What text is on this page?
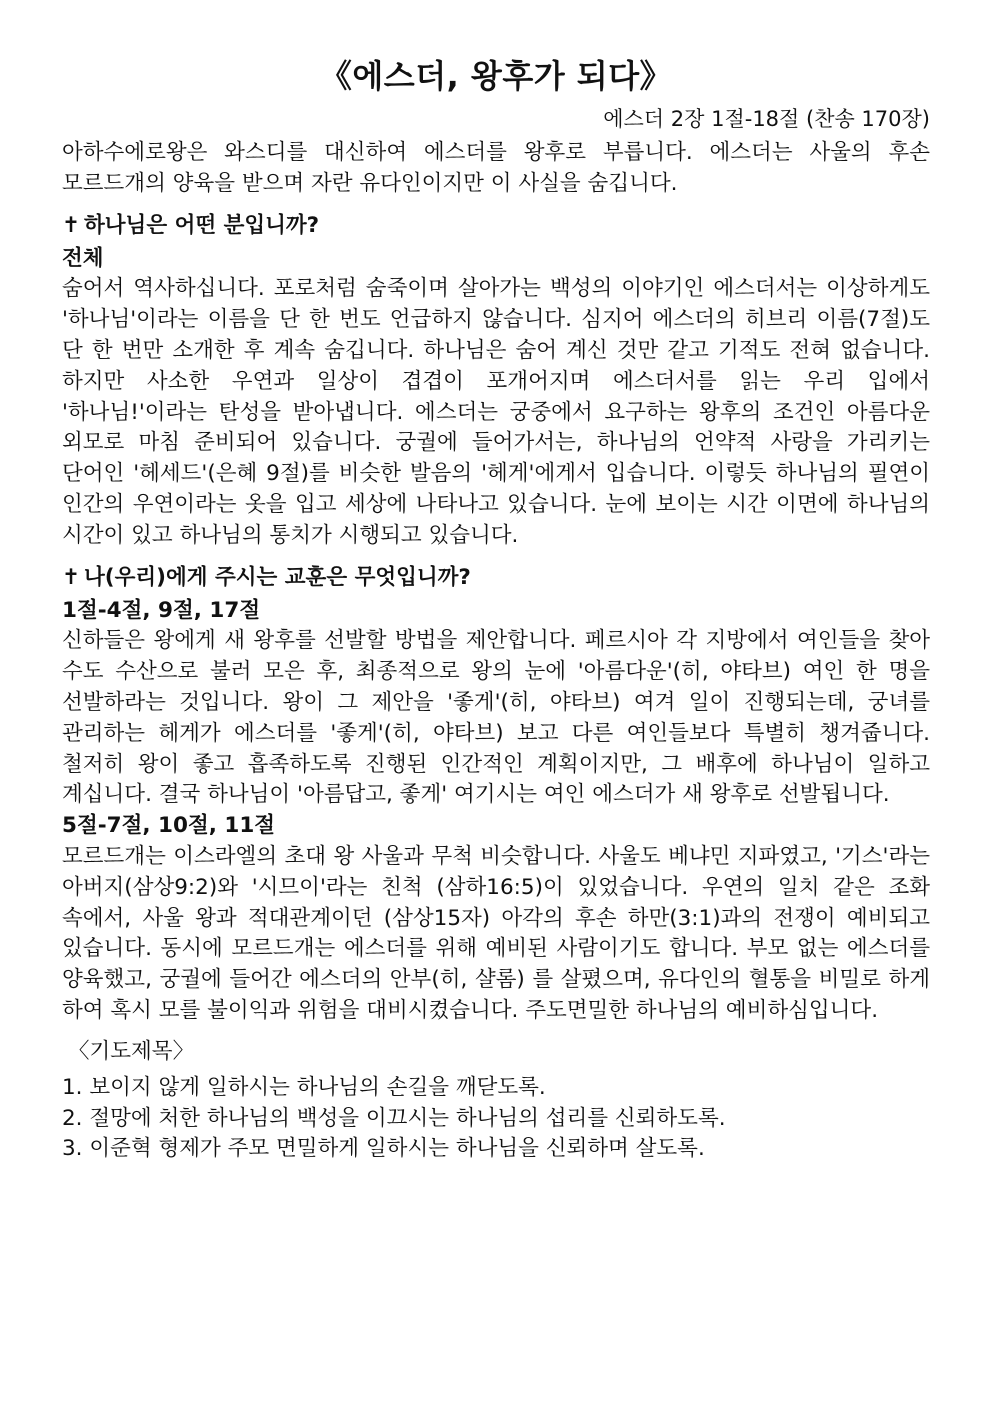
《에스더, 왕후가 되다》
에스더 2장 1절-18절 (찬송 170장)

아하수에로왕은 와스디를 대신하여 에스더를 왕후로 부릅니다. 에스더는 사울의 후손 모르드개의 양육을 받으며 자란 유다인이지만 이 사실을 숨깁니다.

✝ 하나님은 어떤 분입니까?
전체

숨어서 역사하십니다. 포로처럼 숨죽이며 살아가는 백성의 이야기인 에스더서는 이상하게도 '하나님'이라는 이름을 단 한 번도 언급하지 않습니다. 심지어 에스더의 히브리 이름(7절)도 단 한 번만 소개한 후 계속 숨깁니다. 하나님은 숨어 계신 것만 같고 기적도 전혀 없습니다. 하지만 사소한 우연과 일상이 겹겹이 포개어지며 에스더서를 읽는 우리 입에서 '하나님!'이라는 탄성을 받아냅니다. 에스더는 궁중에서 요구하는 왕후의 조건인 아름다운 외모로 마침 준비되어 있습니다. 궁궐에 들어가서는, 하나님의 언약적 사랑을 가리키는 단어인 '헤세드'(은혜 9절)를 비슷한 발음의 '헤게'에게서 입습니다. 이렇듯 하나님의 필연이 인간의 우연이라는 옷을 입고 세상에 나타나고 있습니다. 눈에 보이는 시간 이면에 하나님의 시간이 있고 하나님의 통치가 시행되고 있습니다.

✝ 나(우리)에게 주시는 교훈은 무엇입니까?
1절-4절, 9절, 17절

신하들은 왕에게 새 왕후를 선발할 방법을 제안합니다. 페르시아 각 지방에서 여인들을 찾아 수도 수산으로 불러 모은 후, 최종적으로 왕의 눈에 '아름다운'(히, 야타브) 여인 한 명을 선발하라는 것입니다. 왕이 그 제안을 '좋게'(히, 야타브) 여겨 일이 진행되는데, 궁녀를 관리하는 헤게가 에스더를 '좋게'(히, 야타브) 보고 다른 여인들보다 특별히 챙겨줍니다. 철저히 왕이 좋고 흡족하도록 진행된 인간적인 계획이지만, 그 배후에 하나님이 일하고 계십니다. 결국 하나님이 '아름답고, 좋게' 여기시는 여인 에스더가 새 왕후로 선발됩니다.

5절-7절, 10절, 11절

모르드개는 이스라엘의 초대 왕 사울과 무척 비슷합니다. 사울도 베냐민 지파였고, '기스'라는 아버지(삼상9:2)와 '시므이'라는 친척 (삼하16:5)이 있었습니다. 우연의 일치 같은 조화 속에서, 사울 왕과 적대관계이던 (삼상15자) 아각의 후손 하만(3:1)과의 전쟁이 예비되고 있습니다. 동시에 모르드개는 에스더를 위해 예비된 사람이기도 합니다. 부모 없는 에스더를 양육했고, 궁궐에 들어간 에스더의 안부(히, 샬롬) 를 살폈으며, 유다인의 혈통을 비밀로 하게 하여 혹시 모를 불이익과 위험을 대비시켰습니다. 주도면밀한 하나님의 예비하심입니다.

〈기도제목〉
1. 보이지 않게 일하시는 하나님의 손길을 깨닫도록.
2. 절망에 처한 하나님의 백성을 이끄시는 하나님의 섭리를 신뢰하도록.
3. 이준혁 형제가 주모 면밀하게 일하시는 하나님을 신뢰하며 살도록.
